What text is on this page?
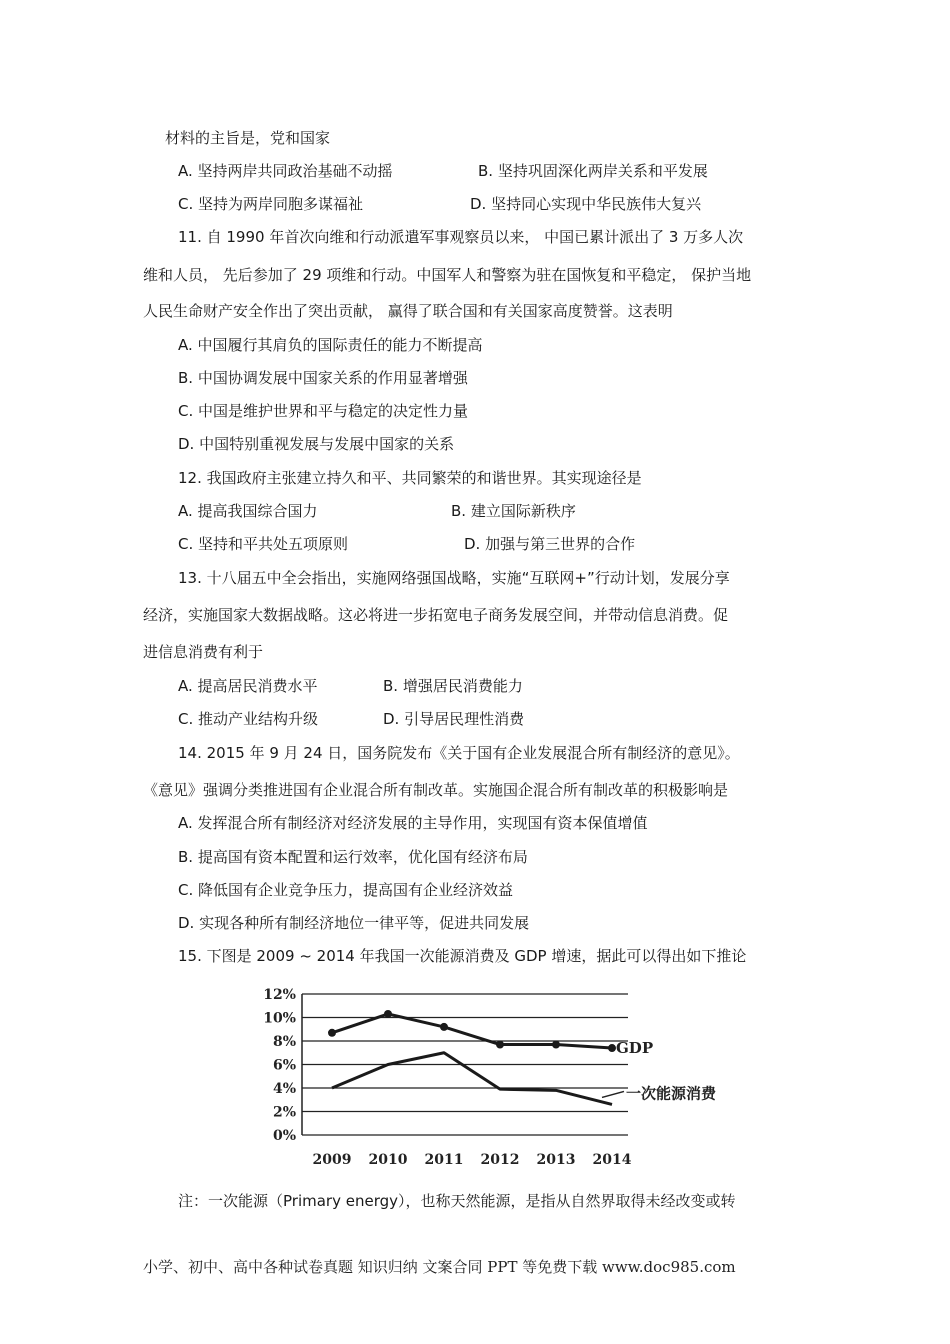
材料的主旨是，党和国家
A. 坚持两岸共同政治基础不动摇	B. 坚持巩固深化两岸关系和平发展
C. 坚持为两岸同胞多谋福祉	D. 坚持同心实现中华民族伟大复兴
11. 自 1990 年首次向维和行动派遣军事观察员以来， 中国已累计派出了 3 万多人次
维和人员， 先后参加了 29 项维和行动。中国军人和警察为驻在国恢复和平稳定， 保护当地
人民生命财产安全作出了突出贡献， 赢得了联合国和有关国家高度赞誉。这表明
A. 中国履行其肩负的国际责任的能力不断提高
B. 中国协调发展中国家关系的作用显著增强
C. 中国是维护世界和平与稳定的决定性力量
D. 中国特别重视发展与发展中国家的关系
12. 我国政府主张建立持久和平、共同繁荣的和谐世界。其实现途径是
A. 提高我国综合国力	B. 建立国际新秩序
C. 坚持和平共处五项原则	D. 加强与第三世界的合作
13. 十八届五中全会指出，实施网络强国战略，实施“互联网+”行动计划，发展分享
经济，实施国家大数据战略。这必将进一步拓宽电子商务发展空间，并带动信息消费。促
进信息消费有利于
A. 提高居民消费水平	B. 增强居民消费能力
C. 推动产业结构升级	D. 引导居民理性消费
14. 2015 年 9 月 24 日，国务院发布《关于国有企业发展混合所有制经济的意见》。
《意见》强调分类推进国有企业混合所有制改革。实施国企混合所有制改革的积极影响是
A. 发挥混合所有制经济对经济发展的主导作用，实现国有资本保值增值
B. 提高国有资本配置和运行效率，优化国有经济布局
C. 降低国有企业竞争压力，提高国有企业经济效益
D. 实现各种所有制经济地位一律平等，促进共同发展
15. 下图是 2009 ~ 2014 年我国一次能源消费及 GDP 增速，据此可以得出如下推论
0%
2%
4%
6%
8%
10%
12%
2009 2010 2011 2012 2013 2014
GDP
一次能源消费
注：一次能源（Primary energy），也称天然能源，是指从自然界取得未经改变或转
小学、初中、高中各种试卷真题 知识归纳 文案合同 PPT 等免费下载 www.doc985.com
